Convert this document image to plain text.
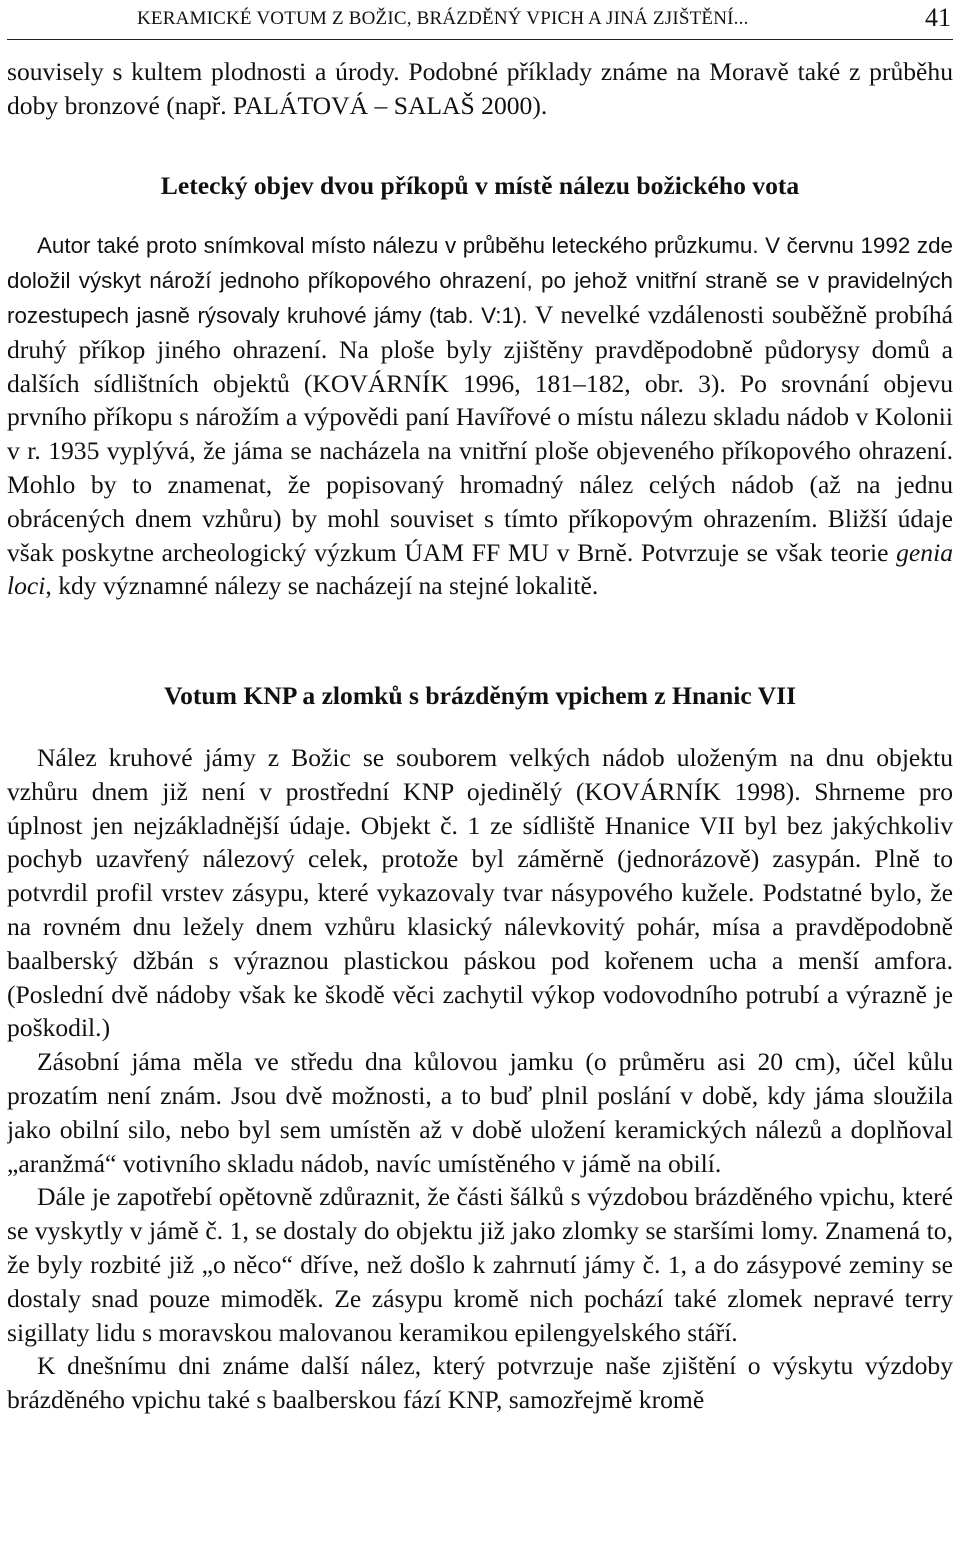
KERAMICKÉ VOTUM Z BOŽIC, BRÁZDĚNÝ VPICH A JINÁ ZJIŠTĚNÍ...	41

souvisely s kultem plodnosti a úrody. Podobné příklady známe na Moravě také z průběhu doby bronzové (např. PALÁTOVÁ – SALAŠ 2000).

Letecký objev dvou příkopů v místě nálezu božického vota

Autor také proto snímkoval místo nálezu v průběhu leteckého průzkumu. V červnu 1992 zde doložil výskyt nároží jednoho příkopového ohrazení, po jehož vnitřní straně se v pravidelných rozestupech jasně rýsovaly kruhové jámy (tab. V:1). V nevelké vzdálenosti souběžně probíhá druhý příkop jiného ohrazení. Na ploše byly zjištěny pravděpodobně půdorysy domů a dalších sídlištních objektů (KOVÁRNÍK 1996, 181–182, obr. 3). Po srovnání objevu prvního příkopu s nárožím a výpovědi paní Havířové o místu nálezu skladu nádob v Kolonii v r. 1935 vyplývá, že jáma se nacházela na vnitřní ploše objeveného příkopového ohrazení. Mohlo by to znamenat, že popisovaný hromadný nález celých nádob (až na jednu obrácených dnem vzhůru) by mohl souviset s tímto příkopovým ohrazením. Bližší údaje však poskytne archeologický výzkum ÚAM FF MU v Brně. Potvrzuje se však teorie genia loci, kdy významné nálezy se nacházejí na stejné lokalitě.

Votum KNP a zlomků s brázděným vpichem z Hnanic VII

Nález kruhové jámy z Božic se souborem velkých nádob uloženým na dnu objektu vzhůru dnem již není v prostřední KNP ojedinělý (KOVÁRNÍK 1998). Shrneme pro úplnost jen nejzákladnější údaje. Objekt č. 1 ze sídliště Hnanice VII byl bez jakýchkoliv pochyb uzavřený nálezový celek, protože byl záměrně (jednorázově) zasypán. Plně to potvrdil profil vrstev zásypu, které vykazovaly tvar násypového kužele. Podstatné bylo, že na rovném dnu ležely dnem vzhůru klasický nálevkovitý pohár, mísa a pravděpodobně baalberský džbán s výraznou plastickou páskou pod kořenem ucha a menší amfora. (Poslední dvě nádoby však ke škodě věci zachytil výkop vodovodního potrubí a výrazně je poškodil.)

Zásobní jáma měla ve středu dna kůlovou jamku (o průměru asi 20 cm), účel kůlu prozatím není znám. Jsou dvě možnosti, a to buď plnil poslání v době, kdy jáma sloužila jako obilní silo, nebo byl sem umístěn až v době uložení keramických nálezů a doplňoval „aranžmá“ votivního skladu nádob, navíc umístěného v jámě na obilí.

Dále je zapotřebí opětovně zdůraznit, že části šálků s výzdobou brázděného vpichu, které se vyskytly v jámě č. 1, se dostaly do objektu již jako zlomky se staršími lomy. Znamená to, že byly rozbité již „o něco“ dříve, než došlo k zahrnutí jámy č. 1, a do zásypové zeminy se dostaly snad pouze mimoděk. Ze zásypu kromě nich pochází také zlomek nepravé terry sigillaty lidu s moravskou malovanou keramikou epilengyelského stáří.

K dnešnímu dni známe další nález, který potvrzuje naše zjištění o výskytu výzdoby brázděného vpichu také s baalberskou fází KNP, samozřejmě kromě
